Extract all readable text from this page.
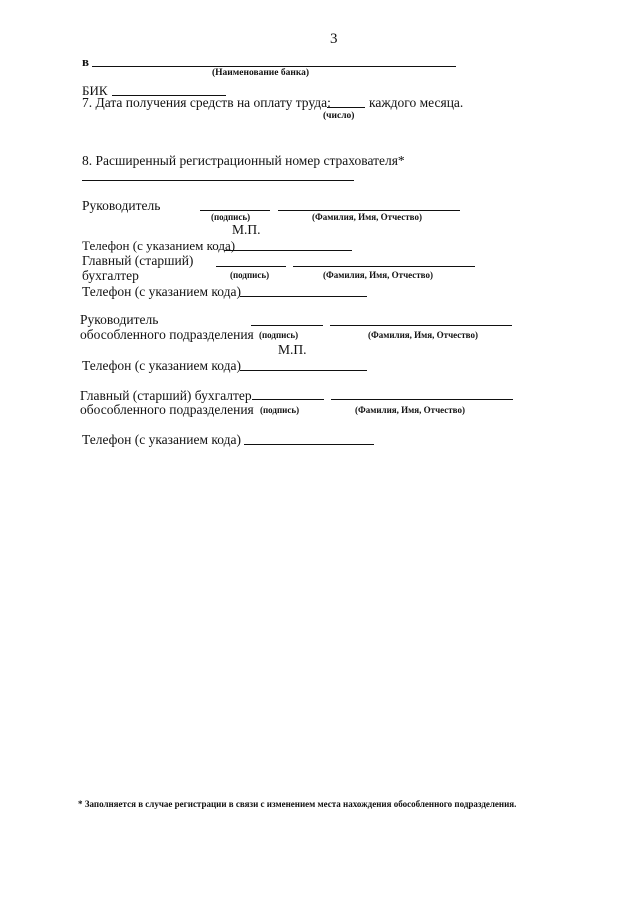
3
в
(Наименование банка)
БИК
7. Дата получения средств на оплату труда:	каждого месяца.
(число)
8. Расширенный регистрационный номер страхователя*
Руководитель
(подпись)	(Фамилия, Имя, Отчество)
М.П.
Телефон (с указанием кода)
Главный (старший)
бухгалтер	(подпись)	(Фамилия, Имя, Отчество)
Телефон (с указанием кода)
Руководитель
обособленного подразделения (подпись)	(Фамилия, Имя, Отчество)
М.П.
Телефон (с указанием кода)
Главный (старший) бухгалтер
обособленного подразделения (подпись)	(Фамилия, Имя, Отчество)
Телефон (с указанием кода)
* Заполняется в случае регистрации в связи с изменением места нахождения обособленного подразделения.
